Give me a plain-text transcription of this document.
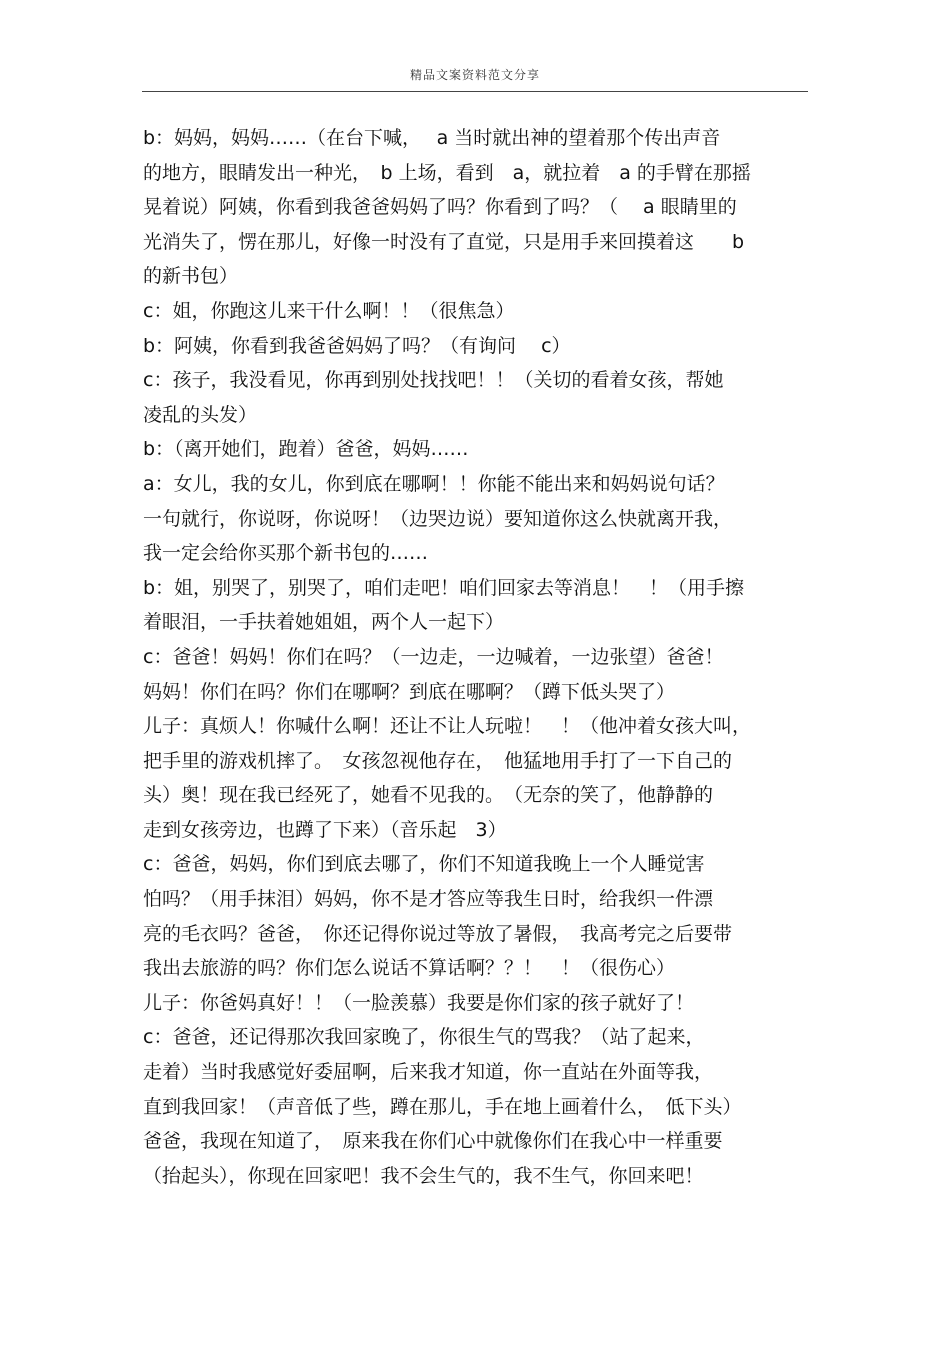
精品文案资料范文分享
b：妈妈，妈妈……（在台下喊，　 a 当时就出神的望着那个传出声音
的地方，眼睛发出一种光，　b 上场，看到　a，就拉着　a 的手臂在那摇
晃着说）阿姨，你看到我爸爸妈妈了吗？你看到了吗？（　 a 眼睛里的
光消失了，愣在那儿，好像一时没有了直觉，只是用手来回摸着这　　b
的新书包）
c：姐，你跑这儿来干什么啊！！（很焦急）
b：阿姨，你看到我爸爸妈妈了吗？（有询问　 c）
c：孩子，我没看见，你再到别处找找吧！！（关切的看着女孩，帮她
凌乱的头发）
b：（离开她们，跑着）爸爸，妈妈……
a：女儿，我的女儿，你到底在哪啊！！你能不能出来和妈妈说句话？
一句就行，你说呀，你说呀！（边哭边说）要知道你这么快就离开我，
我一定会给你买那个新书包的……
b：姐，别哭了，别哭了，咱们走吧！咱们回家去等消息！　！（用手擦
着眼泪，一手扶着她姐姐，两个人一起下）
c：爸爸！妈妈！你们在吗？（一边走，一边喊着，一边张望）爸爸！
妈妈！你们在吗？你们在哪啊？到底在哪啊？（蹲下低头哭了）
儿子：真烦人！你喊什么啊！还让不让人玩啦！　！（他冲着女孩大叫，
把手里的游戏机摔了。　女孩忽视他存在，　他猛地用手打了一下自己的
头）奥！现在我已经死了，她看不见我的。　（无奈的笑了，他静静的
走到女孩旁边，也蹲了下来）（音乐起　3）
c：爸爸，妈妈，你们到底去哪了，你们不知道我晚上一个人睡觉害
怕吗？（用手抹泪）妈妈，你不是才答应等我生日时，给我织一件漂
亮的毛衣吗？爸爸，　你还记得你说过等放了暑假，　我高考完之后要带
我出去旅游的吗？你们怎么说话不算话啊？？！　！（很伤心）
儿子：你爸妈真好！！（一脸羡慕）我要是你们家的孩子就好了！
c：爸爸，还记得那次我回家晚了，你很生气的骂我？（站了起来，
走着）当时我感觉好委屈啊，后来我才知道，你一直站在外面等我，
直到我回家！（声音低了些，蹲在那儿，手在地上画着什么，　低下头）
爸爸，我现在知道了，　原来我在你们心中就像你们在我心中一样重要
（抬起头），你现在回家吧！我不会生气的，我不生气，你回来吧！
